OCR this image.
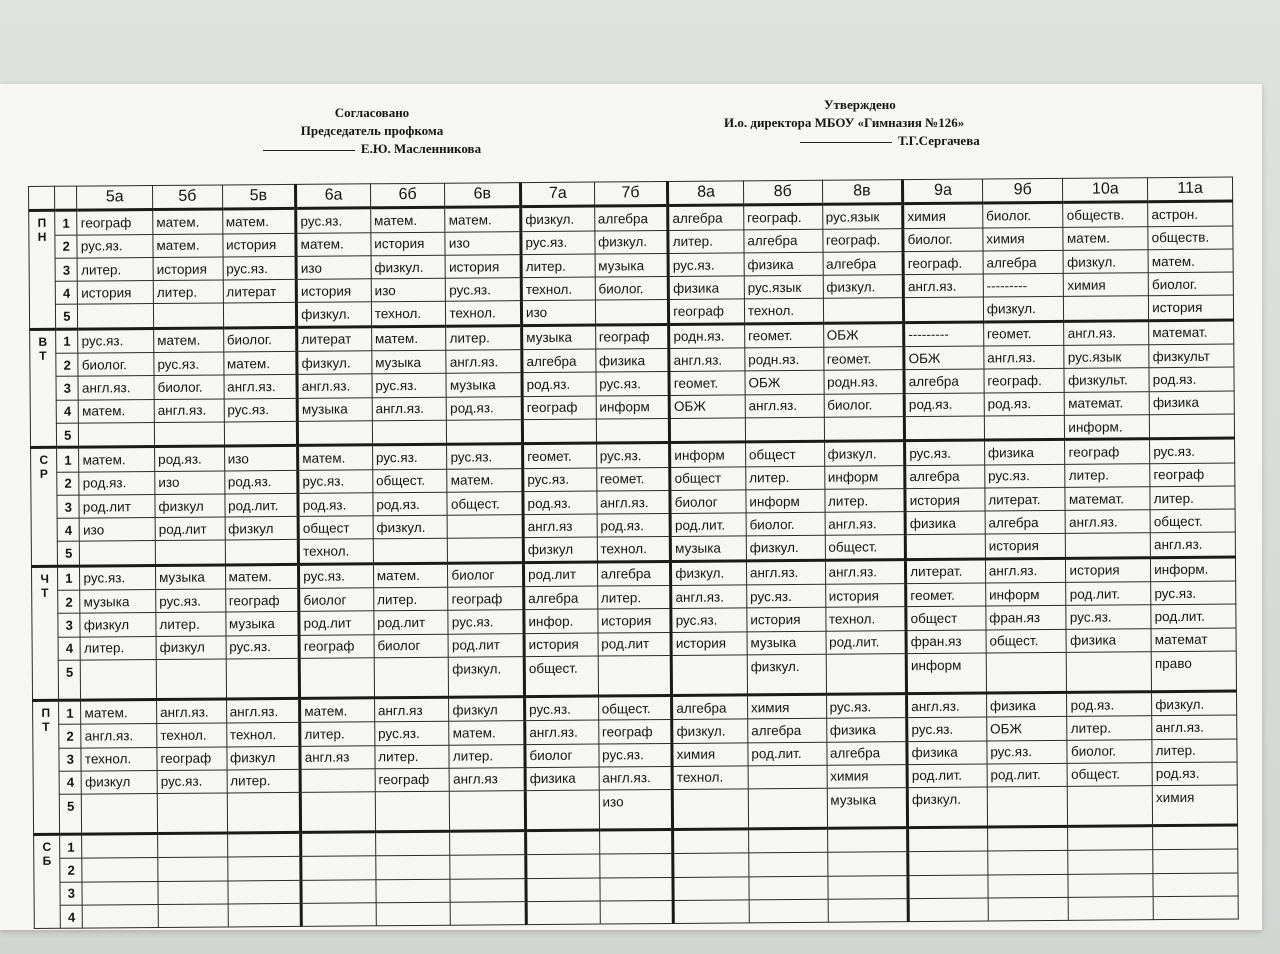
Согласовано
Председатель профкома
Е.Ю. Масленникова
Утверждено
И.о. директора МБОУ «Гимназия №126»
Т.Г.Сергачева
		5а	5б	5в	6а	6б	6в	7а	7б	8а	8б	8в	9а	9б	10а	11а
П
Н	1	географ	матем.	матем.	рус.яз.	матем.	матем.	физкул.	алгебра	алгебра	географ.	рус.язык	химия	биолог.	обществ.	астрон.
	2	рус.яз.	матем.	история	матем.	история	изо	рус.яз.	физкул.	литер.	алгебра	географ.	биолог.	химия	матем.	обществ.
	3	литер.	история	рус.яз.	изо	физкул.	история	литер.	музыка	рус.яз.	физика	алгебра	географ.	алгебра	физкул.	матем.
	4	история	литер.	литерат	история	изо	рус.яз.	технол.	биолог.	физика	рус.язык	физкул.	англ.яз.	---------	химия	биолог.
	5				физкул.	технол.	технол.	изо		географ	технол.			физкул.		история
В
Т	1	рус.яз.	матем.	биолог.	литерат	матем.	литер.	музыка	географ	родн.яз.	геомет.	ОБЖ	---------	геомет.	англ.яз.	математ.
	2	биолог.	рус.яз.	матем.	физкул.	музыка	англ.яз.	алгебра	физика	англ.яз.	родн.яз.	геомет.	ОБЖ	англ.яз.	рус.язык	физкульт
	3	англ.яз.	биолог.	англ.яз.	англ.яз.	рус.яз.	музыка	род.яз.	рус.яз.	геомет.	ОБЖ	родн.яз.	алгебра	географ.	физкульт.	род.яз.
	4	матем.	англ.яз.	рус.яз.	музыка	англ.яз.	род.яз.	географ	информ	ОБЖ	англ.яз.	биолог.	род.яз.	род.яз.	математ.	физика
	5														информ.	
С
Р	1	матем.	род.яз.	изо	матем.	рус.яз.	рус.яз.	геомет.	рус.яз.	информ	общест	физкул.	рус.яз.	физика	географ	рус.яз.
	2	род.яз.	изо	род.яз.	рус.яз.	общест.	матем.	рус.яз.	геомет.	общест	литер.	информ	алгебра	рус.яз.	литер.	географ
	3	род.лит	физкул	род.лит.	род.яз.	род.яз.	общест.	род.яз.	англ.яз.	биолог	информ	литер.	история	литерат.	математ.	литер.
	4	изо	род.лит	физкул	общест	физкул.		англ.яз	род.яз.	род.лит.	биолог.	англ.яз.	физика	алгебра	англ.яз.	общест.
	5				технол.			физкул	технол.	музыка	физкул.	общест.		история		англ.яз.
Ч
Т	1	рус.яз.	музыка	матем.	рус.яз.	матем.	биолог	род.лит	алгебра	физкул.	англ.яз.	англ.яз.	литерат.	англ.яз.	история	информ.
	2	музыка	рус.яз.	географ	биолог	литер.	географ	алгебра	литер.	англ.яз.	рус.яз.	история	геомет.	информ	род.лит.	рус.яз.
	3	физкул	литер.	музыка	род.лит	род.лит	рус.яз.	инфор.	история	рус.яз.	история	технол.	общест	фран.яз	рус.яз.	род.лит.
	4	литер.	физкул	рус.яз.	географ	биолог	род.лит	история	род.лит	история	музыка	род.лит.	фран.яз	общест.	физика	математ
	5						физкул.	общест.			физкул.		информ			право
П
Т	1	матем.	англ.яз.	англ.яз.	матем.	англ.яз	физкул	рус.яз.	общест.	алгебра	химия	рус.яз.	англ.яз.	физика	род.яз.	физкул.
	2	англ.яз.	технол.	технол.	литер.	рус.яз.	матем.	англ.яз.	географ	физкул.	алгебра	физика	рус.яз.	ОБЖ	литер.	англ.яз.
	3	технол.	географ	физкул	англ.яз	литер.	литер.	биолог	рус.яз.	химия	род.лит.	алгебра	физика	рус.яз.	биолог.	литер.
	4	физкул	рус.яз.	литер.		географ	англ.яз	физика	англ.яз.	технол.		химия	род.лит.	род.лит.	общест.	род.яз.
	5								изо			музыка	физкул.			химия
С
Б	1															
	2															
	3															
	4															
